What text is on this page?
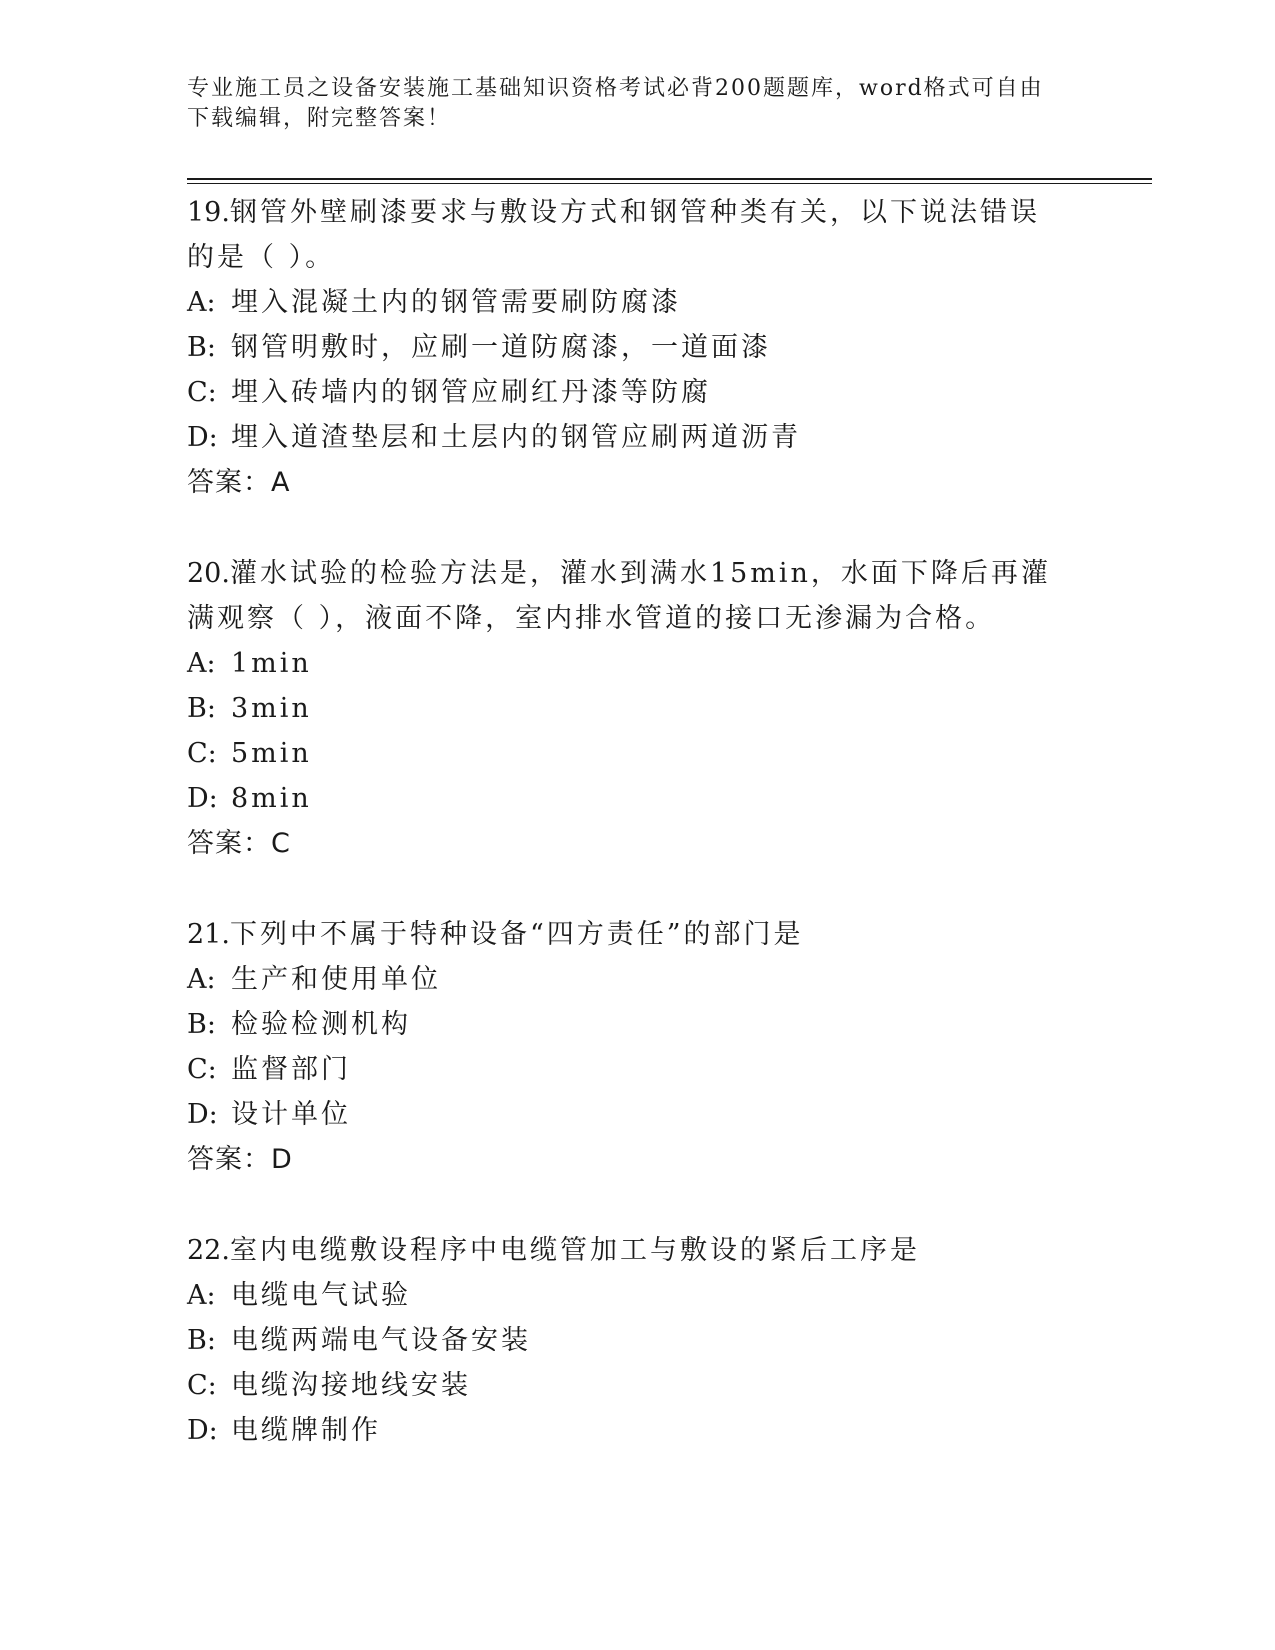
专业施工员之设备安装施工基础知识资格考试必背200题题库，word格式可自由下载编辑，附完整答案！
19.钢管外壁刷漆要求与敷设方式和钢管种类有关，以下说法错误的是（ ）。
A: 埋入混凝土内的钢管需要刷防腐漆
B: 钢管明敷时，应刷一道防腐漆，一道面漆
C: 埋入砖墙内的钢管应刷红丹漆等防腐
D: 埋入道渣垫层和土层内的钢管应刷两道沥青
答案：A
20.灌水试验的检验方法是，灌水到满水15min，水面下降后再灌满观察（ ），液面不降，室内排水管道的接口无渗漏为合格。
A: 1min
B: 3min
C: 5min
D: 8min
答案：C
21.下列中不属于特种设备“四方责任”的部门是
A: 生产和使用单位
B: 检验检测机构
C: 监督部门
D: 设计单位
答案：D
22.室内电缆敷设程序中电缆管加工与敷设的紧后工序是
A: 电缆电气试验
B: 电缆两端电气设备安装
C: 电缆沟接地线安装
D: 电缆牌制作
